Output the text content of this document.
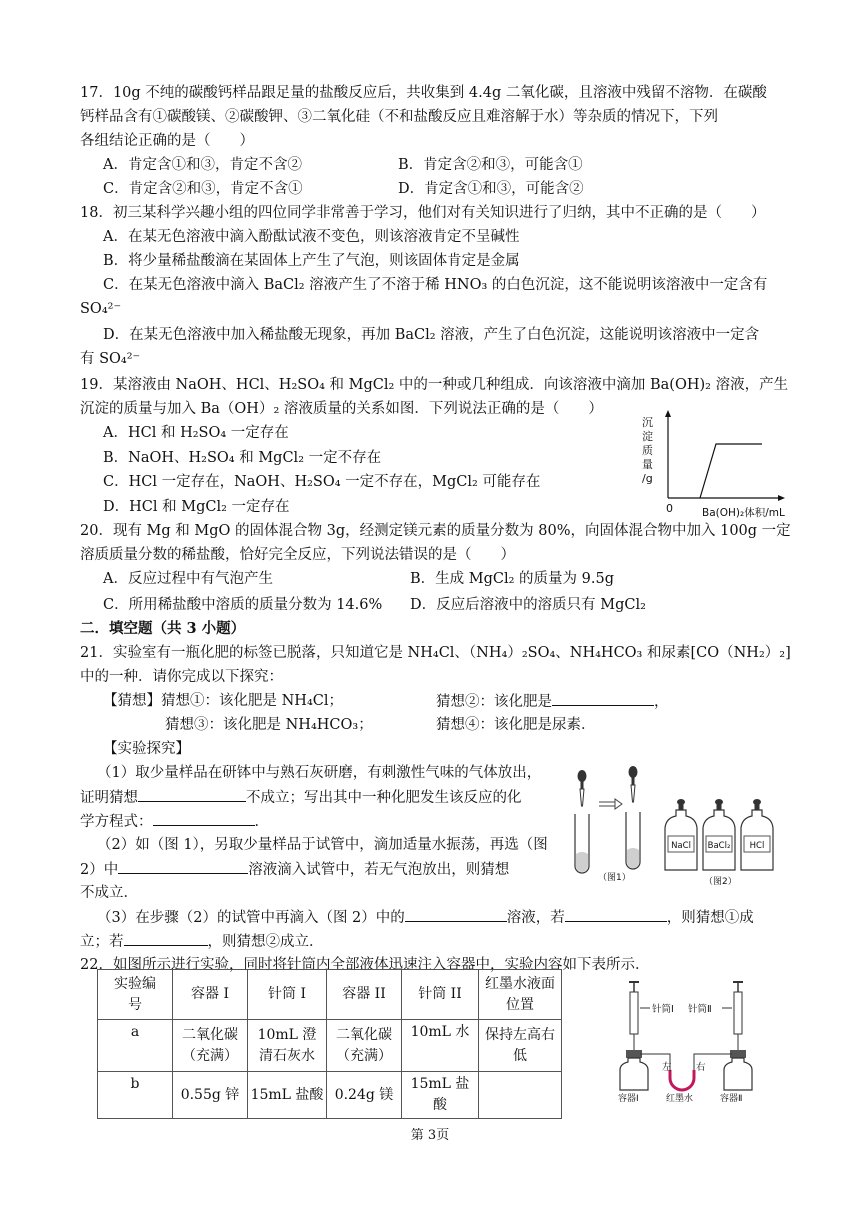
17．10g 不纯的碳酸钙样品跟足量的盐酸反应后，共收集到 4.4g 二氧化碳，且溶液中残留不溶物．在碳酸
钙样品含有①碳酸镁、②碳酸钾、③二氧化硅（不和盐酸反应且难溶解于水）等杂质的情况下，下列
各组结论正确的是（　　）
A．肯定含①和③，肯定不含②	B．肯定含②和③，可能含①
C．肯定含②和③，肯定不含①	D．肯定含①和③，可能含②
18．初三某科学兴趣小组的四位同学非常善于学习，他们对有关知识进行了归纳，其中不正确的是（　　）
A．在某无色溶液中滴入酚酞试液不变色，则该溶液肯定不呈碱性
B．将少量稀盐酸滴在某固体上产生了气泡，则该固体肯定是金属
C．在某无色溶液中滴入 BaCl₂ 溶液产生了不溶于稀 HNO₃ 的白色沉淀，这不能说明该溶液中一定含有
SO₄²⁻
D．在某无色溶液中加入稀盐酸无现象，再加 BaCl₂ 溶液，产生了白色沉淀，这能说明该溶液中一定含
有 SO₄²⁻
19．某溶液由 NaOH、HCl、H₂SO₄ 和 MgCl₂ 中的一种或几种组成．向该溶液中滴加 Ba(OH)₂ 溶液，产生
沉淀的质量与加入 Ba（OH）₂ 溶液质量的关系如图．下列说法正确的是（　　）
A．HCl 和 H₂SO₄ 一定存在
B．NaOH、H₂SO₄ 和 MgCl₂ 一定不存在
C．HCl 一定存在，NaOH、H₂SO₄ 一定不存在，MgCl₂ 可能存在
D．HCl 和 MgCl₂ 一定存在
沉
淀
质
量
/g
0	Ba(OH)₂体积/mL
20．现有 Mg 和 MgO 的固体混合物 3g，经测定镁元素的质量分数为 80%，向固体混合物中加入 100g 一定
溶质质量分数的稀盐酸，恰好完全反应，下列说法错误的是（　　）
A．反应过程中有气泡产生	B．生成 MgCl₂ 的质量为 9.5g
C．所用稀盐酸中溶质的质量分数为 14.6% D．反应后溶液中的溶质只有 MgCl₂
二．填空题（共 3 小题）
21．实验室有一瓶化肥的标签已脱落，只知道它是 NH₄Cl、（NH₄）₂SO₄、NH₄HCO₃ 和尿素[CO（NH₂）₂]
中的一种．请你完成以下探究：
【猜想】猜想①：该化肥是 NH₄Cl；	猜想②：该化肥是	，
猜想③：该化肥是 NH₄HCO₃；	猜想④：该化肥是尿素．
【实验探究】
（1）取少量样品在研钵中与熟石灰研磨，有刺激性气味的气体放出，
证明猜想	不成立；写出其中一种化肥发生该反应的化
学方程式：	．
（2）如（图 1），另取少量样品于试管中，滴加适量水振荡，再选（图
2）中	溶液滴入试管中，若无气泡放出，则猜想
不成立．
（3）在步骤（2）的试管中再滴入（图 2）中的	溶液，若	，则猜想①成
立；若	，则猜想②成立．
（图1）
NaCl BaCl₂ HCl
（图2）
22．如图所示进行实验，同时将针筒内全部液体迅速注入容器中，实验内容如下表所示．
实验编号	容器 I	针筒 I	容器 II	针筒 II	红墨水液面位置

a	二氧化碳（充满）	10mL 澄清石灰水	二氧化碳（充满）	10mL 水	保持左高右低

b	0.55g 锌	15mL 盐酸	0.24g 镁	15mL 盐酸	

针筒Ⅰ 针筒Ⅱ
左	右
容器Ⅰ	红墨水	容器Ⅱ
第 3页
